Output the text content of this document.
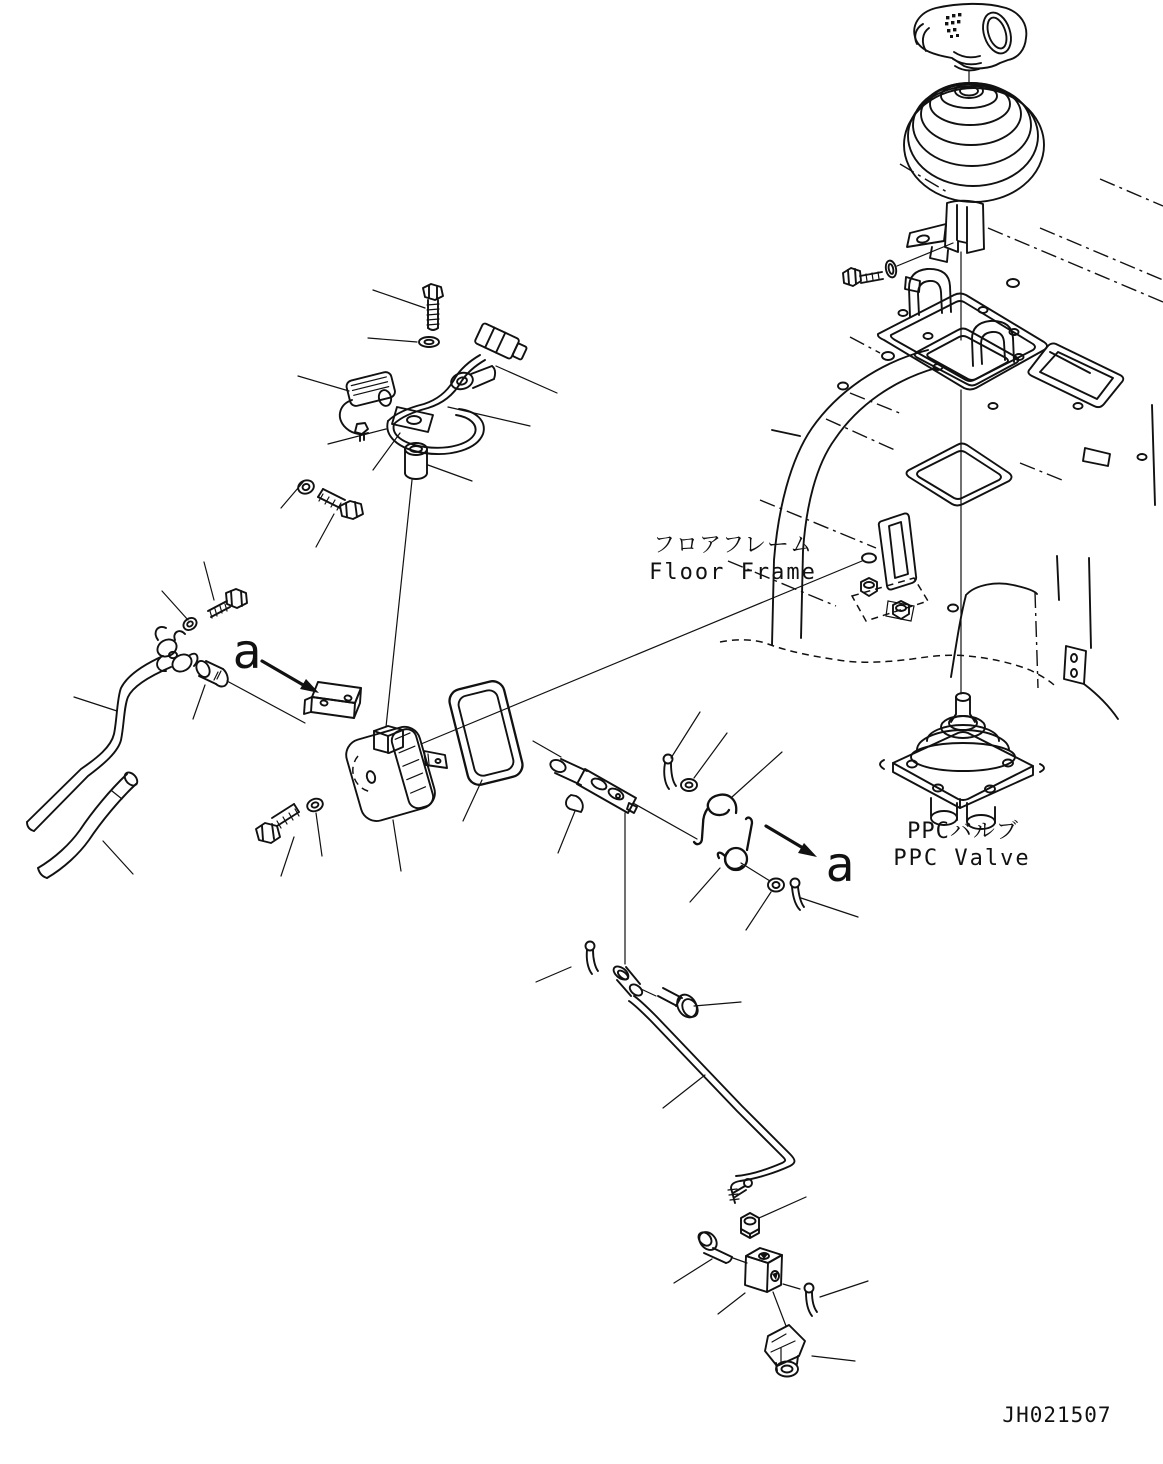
フロアフレーム
Floor Frame
PPCバルブ
PPC Valve
a
a
JH021507
